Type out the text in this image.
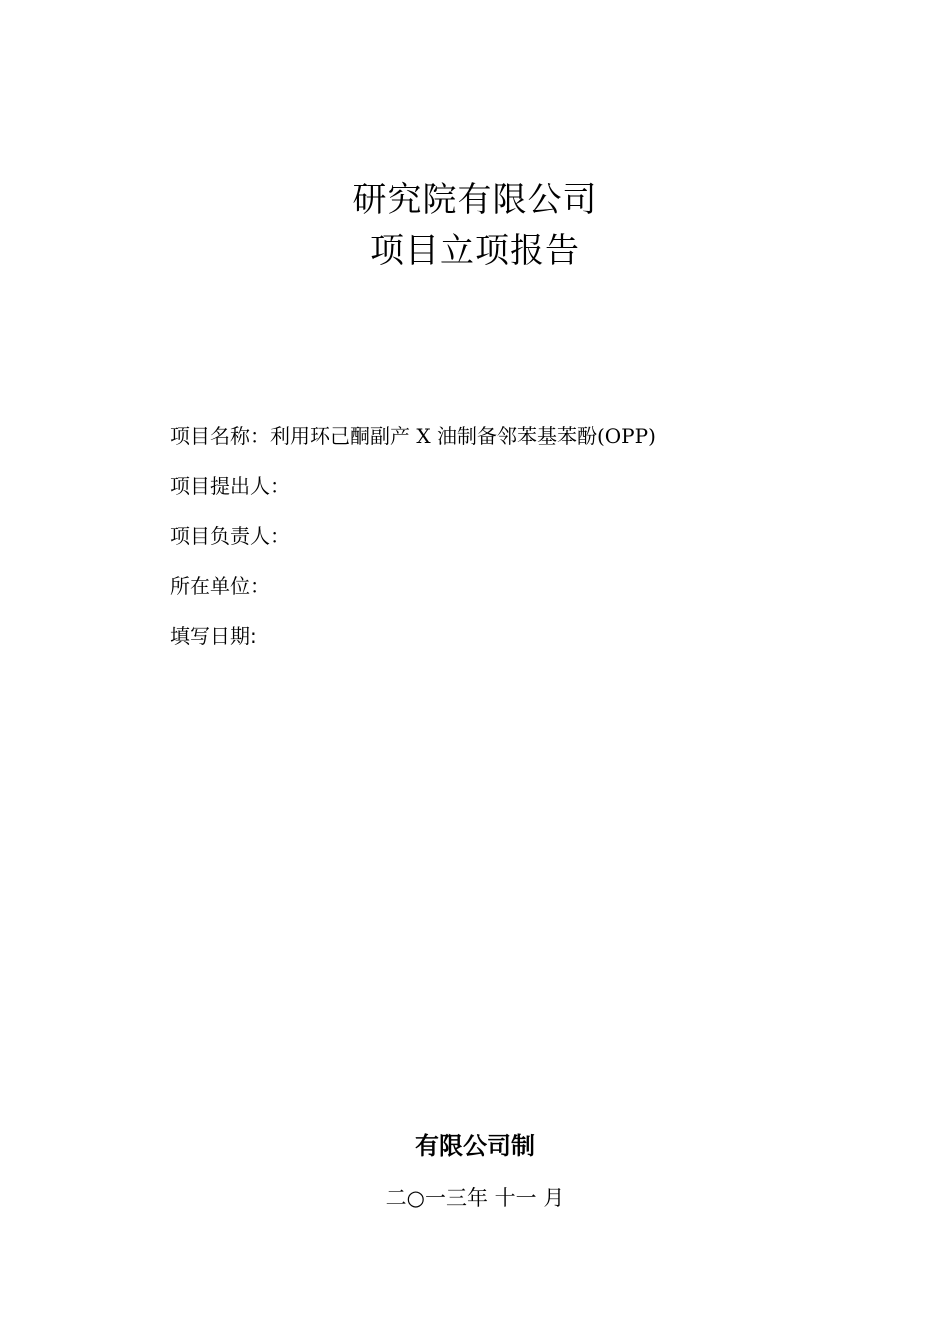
研究院有限公司
项目立项报告
项目名称：利用环己酮副产 X 油制备邻苯基苯酚(OPP)
项目提出人：
项目负责人：
所在单位：
填写日期:
有限公司制
二○一三年 十一 月
